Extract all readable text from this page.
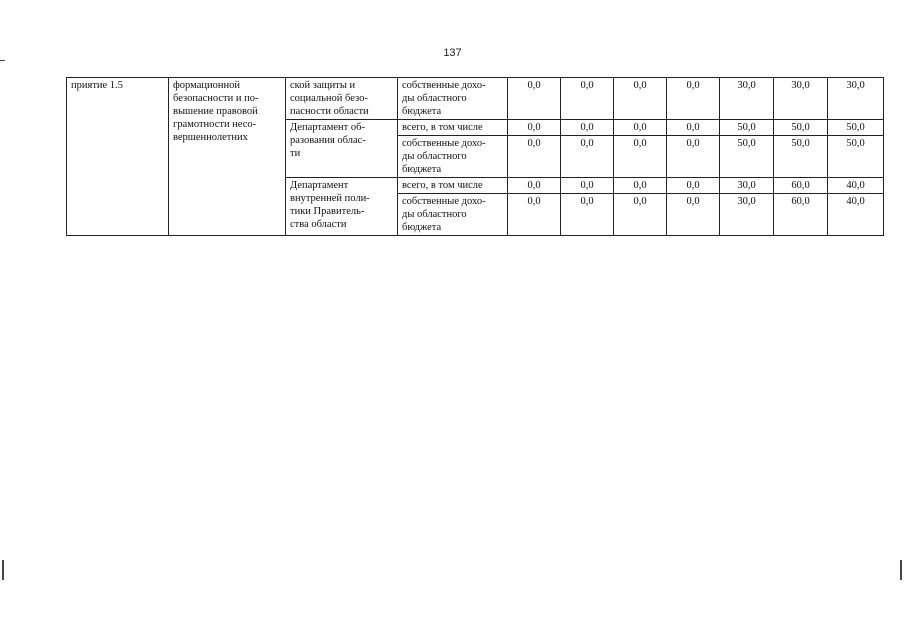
137
приятие 1.5	формационной
безопасности и по-
вышение правовой
грамотности несо-
вершеннолетних	ской защиты и
социальной безо-
пасности области	собственные дохо-
ды областного
бюджета	0,0	0,0	0,0	0,0	30,0	30,0	30,0
		Департамент об-
разования облас-
ти	всего, в том числе	0,0	0,0	0,0	0,0	50,0	50,0	50,0
			собственные дохо-
ды областного
бюджета	0,0	0,0	0,0	0,0	50,0	50,0	50,0
		Департамент
внутренней поли-
тики Правитель-
ства области	всего, в том числе	0,0	0,0	0,0	0,0	30,0	60,0	40,0
			собственные дохо-
ды областного
бюджета	0,0	0,0	0,0	0,0	30,0	60,0	40,0
